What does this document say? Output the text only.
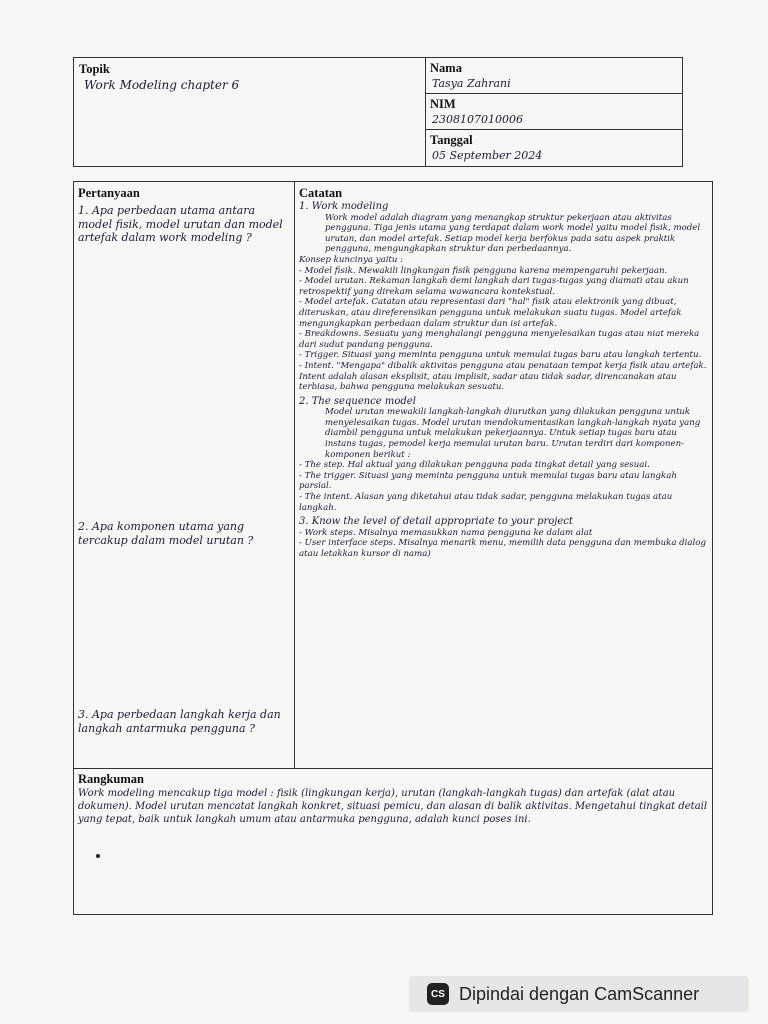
Topik
Work Modeling chapter 6
Nama
Tasya Zahrani
NIM
2308107010006
Tanggal
05 September 2024
Pertanyaan
1. Apa perbedaan utama antara model fisik, model urutan dan model artefak dalam work modeling ?
2. Apa komponen utama yang tercakup dalam model urutan ?
3. Apa perbedaan langkah kerja dan langkah antarmuka pengguna ?
Catatan

1. Work modeling

Work model adalah diagram yang menangkap struktur pekerjaan atau aktivitas pengguna. Tiga jenis utama yang terdapat dalam work model yaitu model fisik, model urutan, dan model artefak. Setiap model kerja berfokus pada satu aspek praktik pengguna, mengungkapkan struktur dan perbedaannya.

Konsep kuncinya yaitu :

- Model fisik. Mewakili lingkungan fisik pengguna karena mempengaruhi pekerjaan.

- Model urutan. Rekaman langkah demi langkah dari tugas-tugas yang diamati atau akun retrospektif yang direkam selama wawancara kontekstual.

- Model artefak. Catatan atau representasi dari "hal" fisik atau elektronik yang dibuat, diteruskan, atau direferensikan pengguna untuk melakukan suatu tugas. Model artefak mengungkapkan perbedaan dalam struktur dan isi artefak.

- Breakdowns. Sesuatu yang menghalangi pengguna menyelesaikan tugas atau niat mereka dari sudut pandang pengguna.

- Trigger. Situasi yang meminta pengguna untuk memulai tugas baru atau langkah tertentu.

- Intent. "Mengapa" dibalik aktivitas pengguna atau penataan tempat kerja fisik atau artefak. Intent adalah alasan eksplisit, atau implisit, sadar atau tidak sadar, direncanakan atau terbiasa, bahwa pengguna melakukan sesuatu.

2. The sequence model

Model urutan mewakili langkah-langkah diurutkan yang dilakukan pengguna untuk menyelesaikan tugas. Model urutan mendokumentasikan langkah-langkah nyata yang diambil pengguna untuk melakukan pekerjaannya. Untuk setiap tugas baru atau instans tugas, pemodel kerja memulai urutan baru. Urutan terdiri dari komponen-komponen berikut :

- The step. Hal aktual yang dilakukan pengguna pada tingkat detail yang sesuai.

- The trigger. Situasi yang meminta pengguna untuk memulai tugas baru atau langkah parsial.

- The intent. Alasan yang diketahui atau tidak sadar, pengguna melakukan tugas atau langkah.

3. Know the level of detail appropriate to your project

- Work steps. Misalnya memasukkan nama pengguna ke dalam alat

- User interface steps. Misalnya menarik menu, memilih data pengguna dan membuka dialog atau letakkan kursor di nama)

Rangkuman
Work modeling mencakup tiga model : fisik (lingkungan kerja), urutan (langkah-langkah tugas) dan artefak (alat atau dokumen). Model urutan mencatat langkah konkret, situasi pemicu, dan alasan di balik aktivitas. Mengetahui tingkat detail yang tepat, baik untuk langkah umum atau antarmuka pengguna, adalah kunci poses ini.
CS Dipindai dengan CamScanner
